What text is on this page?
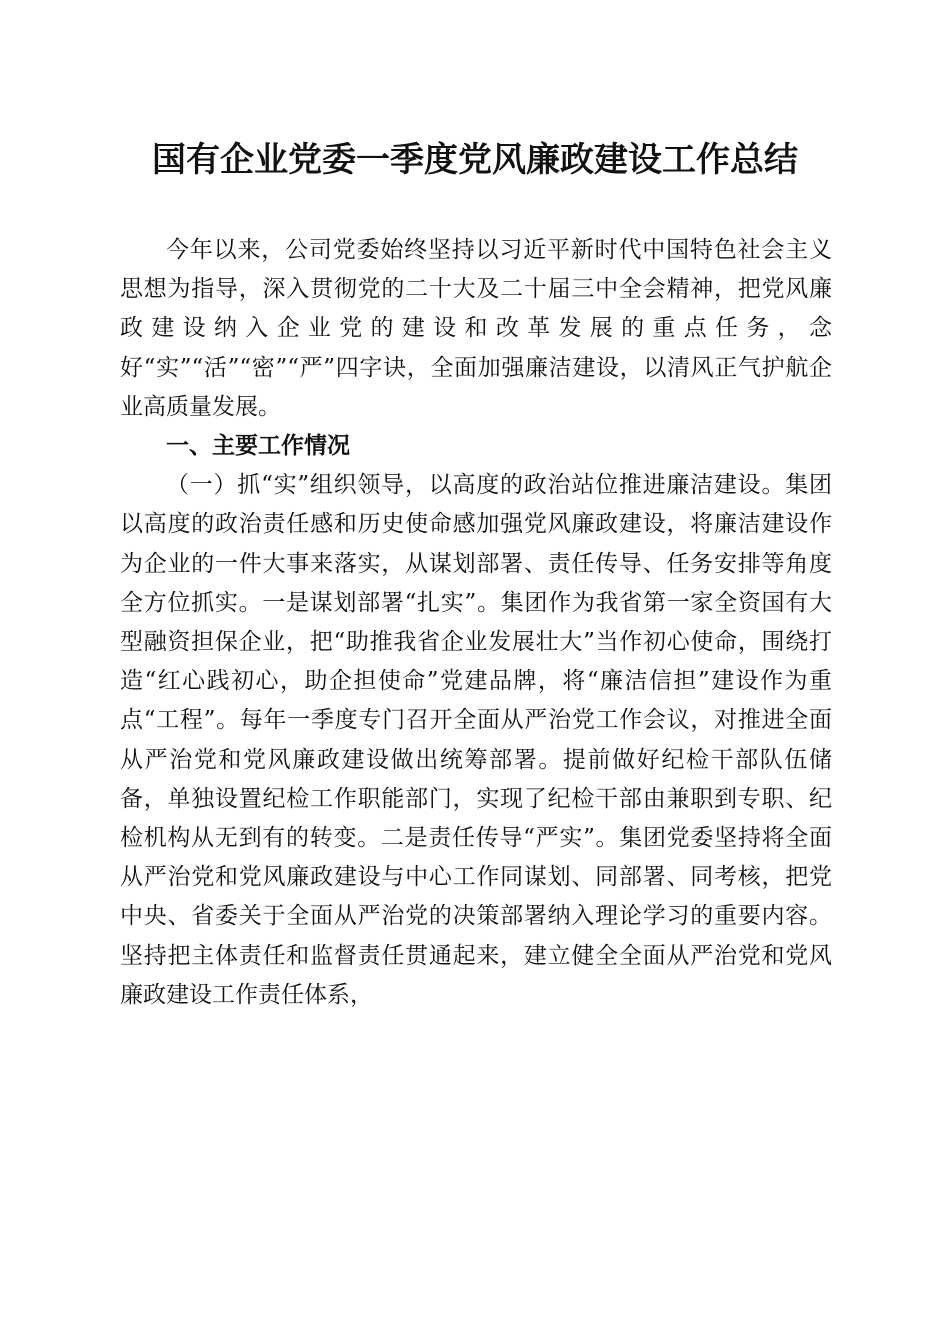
国有企业党委一季度党风廉政建设工作总结

今年以来，公司党委始终坚持以习近平新时代中国特色社会主义思想为指导，深入贯彻党的二十大及二十届三中全会精神，把党风廉政建设纳入企业党的建设和改革发展的重点任务，念好“实”“活”“密”“严”四字诀，全面加强廉洁建设，以清风正气护航企业高质量发展。

一、主要工作情况

（一）抓“实”组织领导，以高度的政治站位推进廉洁建设。集团以高度的政治责任感和历史使命感加强党风廉政建设，将廉洁建设作为企业的一件大事来落实，从谋划部署、责任传导、任务安排等角度全方位抓实。一是谋划部署“扎实”。集团作为我省第一家全资国有大型融资担保企业，把“助推我省企业发展壮大”当作初心使命，围绕打造“红心践初心，助企担使命”党建品牌，将“廉洁信担”建设作为重点“工程”。每年一季度专门召开全面从严治党工作会议，对推进全面从严治党和党风廉政建设做出统筹部署。提前做好纪检干部队伍储备，单独设置纪检工作职能部门，实现了纪检干部由兼职到专职、纪检机构从无到有的转变。二是责任传导“严实”。集团党委坚持将全面从严治党和党风廉政建设与中心工作同谋划、同部署、同考核，把党中央、省委关于全面从严治党的决策部署纳入理论学习的重要内容。坚持把主体责任和监督责任贯通起来，建立健全全面从严治党和党风廉政建设工作责任体系，
